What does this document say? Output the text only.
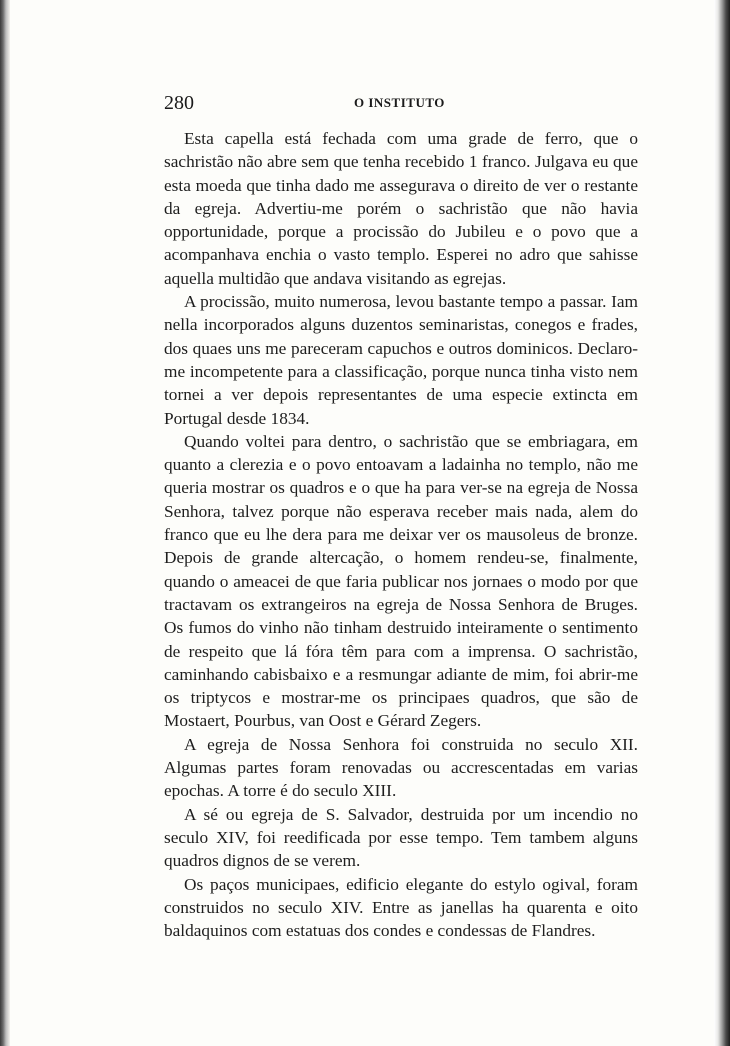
280	O INSTITUTO

Esta capella está fechada com uma grade de ferro, que o sachristão não abre sem que tenha recebido 1 franco. Julgava eu que esta moeda que tinha dado me assegurava o direito de ver o restante da egreja. Advertiu-me porém o sachristão que não havia opportunidade, porque a procissão do Jubileu e o povo que a acompanhava enchia o vasto templo. Esperei no adro que sahisse aquella multidão que andava visitando as egrejas.

A procissão, muito numerosa, levou bastante tempo a passar. Iam nella incorporados alguns duzentos seminaristas, conegos e frades, dos quaes uns me pareceram capuchos e outros dominicos. Declaro-me incompetente para a classificação, porque nunca tinha visto nem tornei a ver depois representantes de uma especie extincta em Portugal desde 1834.

Quando voltei para dentro, o sachristão que se embriagara, em quanto a clerezia e o povo entoavam a ladainha no templo, não me queria mostrar os quadros e o que ha para ver-se na egreja de Nossa Senhora, talvez porque não esperava receber mais nada, alem do franco que eu lhe dera para me deixar ver os mausoleus de bronze. Depois de grande altercação, o homem rendeu-se, finalmente, quando o ameacei de que faria publicar nos jornaes o modo por que tractavam os extrangeiros na egreja de Nossa Senhora de Bruges. Os fumos do vinho não tinham destruido inteiramente o sentimento de respeito que lá fóra têm para com a imprensa. O sachristão, caminhando cabisbaixo e a resmungar adiante de mim, foi abrir-me os triptycos e mostrar-me os principaes quadros, que são de Mostaert, Pourbus, van Oost e Gérard Zegers.

A egreja de Nossa Senhora foi construida no seculo XII. Algumas partes foram renovadas ou accrescentadas em varias epochas. A torre é do seculo XIII.

A sé ou egreja de S. Salvador, destruida por um incendio no seculo XIV, foi reedificada por esse tempo. Tem tambem alguns quadros dignos de se verem.

Os paços municipaes, edificio elegante do estylo ogival, foram construidos no seculo XIV. Entre as janellas ha quarenta e oito baldaquinos com estatuas dos condes e condessas de Flandres.
